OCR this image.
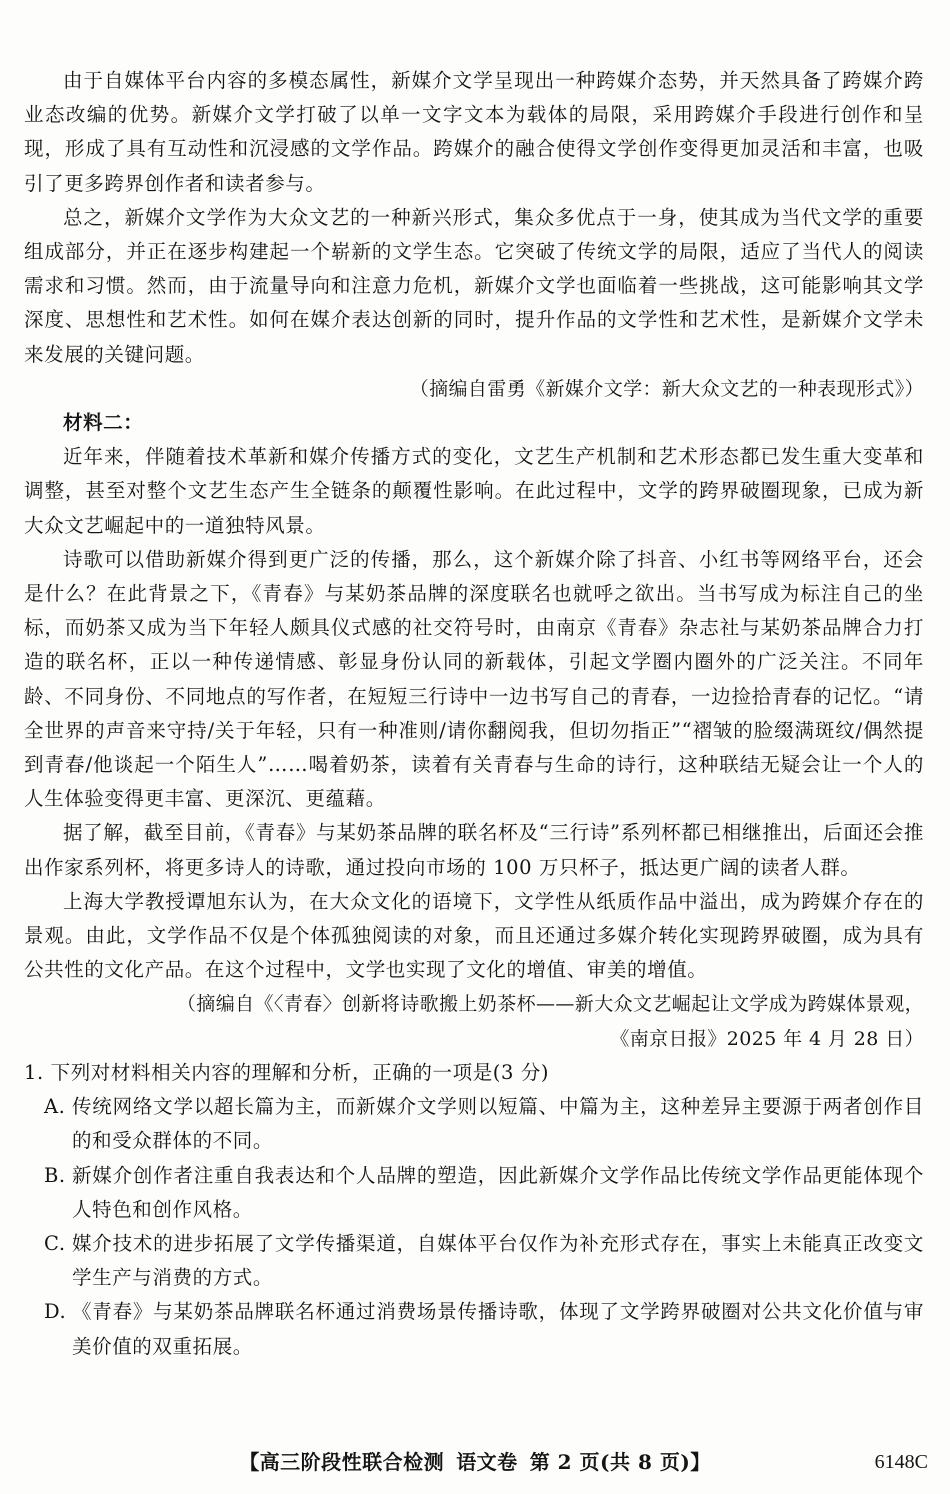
由于自媒体平台内容的多模态属性，新媒介文学呈现出一种跨媒介态势，并天然具备了跨媒介跨业态改编的优势。新媒介文学打破了以单一文字文本为载体的局限，采用跨媒介手段进行创作和呈现，形成了具有互动性和沉浸感的文学作品。跨媒介的融合使得文学创作变得更加灵活和丰富，也吸引了更多跨界创作者和读者参与。

总之，新媒介文学作为大众文艺的一种新兴形式，集众多优点于一身，使其成为当代文学的重要组成部分，并正在逐步构建起一个崭新的文学生态。它突破了传统文学的局限，适应了当代人的阅读需求和习惯。然而，由于流量导向和注意力危机，新媒介文学也面临着一些挑战，这可能影响其文学深度、思想性和艺术性。如何在媒介表达创新的同时，提升作品的文学性和艺术性，是新媒介文学未来发展的关键问题。

（摘编自雷勇《新媒介文学：新大众文艺的一种表现形式》）

材料二：

近年来，伴随着技术革新和媒介传播方式的变化，文艺生产机制和艺术形态都已发生重大变革和调整，甚至对整个文艺生态产生全链条的颠覆性影响。在此过程中，文学的跨界破圈现象，已成为新大众文艺崛起中的一道独特风景。

诗歌可以借助新媒介得到更广泛的传播，那么，这个新媒介除了抖音、小红书等网络平台，还会是什么？在此背景之下，《青春》与某奶茶品牌的深度联名也就呼之欲出。当书写成为标注自己的坐标，而奶茶又成为当下年轻人颇具仪式感的社交符号时，由南京《青春》杂志社与某奶茶品牌合力打造的联名杯，正以一种传递情感、彰显身份认同的新载体，引起文学圈内圈外的广泛关注。不同年龄、不同身份、不同地点的写作者，在短短三行诗中一边书写自己的青春，一边捡拾青春的记忆。“请全世界的声音来守持/关于年轻，只有一种准则/请你翻阅我，但切勿指正”“褶皱的脸缀满斑纹/偶然提到青春/他谈起一个陌生人”……喝着奶茶，读着有关青春与生命的诗行，这种联结无疑会让一个人的人生体验变得更丰富、更深沉、更蕴藉。

据了解，截至目前，《青春》与某奶茶品牌的联名杯及“三行诗”系列杯都已相继推出，后面还会推出作家系列杯，将更多诗人的诗歌，通过投向市场的 100 万只杯子，抵达更广阔的读者人群。

上海大学教授谭旭东认为，在大众文化的语境下，文学性从纸质作品中溢出，成为跨媒介存在的景观。由此，文学作品不仅是个体孤独阅读的对象，而且还通过多媒介转化实现跨界破圈，成为具有公共性的文化产品。在这个过程中，文学也实现了文化的增值、审美的增值。

（摘编自《〈青春〉创新将诗歌搬上奶茶杯——新大众文艺崛起让文学成为跨媒体景观，

《南京日报》2025 年 4 月 28 日）

1. 下列对材料相关内容的理解和分析，正确的一项是(3 分)

A. 传统网络文学以超长篇为主，而新媒介文学则以短篇、中篇为主，这种差异主要源于两者创作目的和受众群体的不同。
B. 新媒介创作者注重自我表达和个人品牌的塑造，因此新媒介文学作品比传统文学作品更能体现个人特色和创作风格。
C. 媒介技术的进步拓展了文学传播渠道，自媒体平台仅作为补充形式存在，事实上未能真正改变文学生产与消费的方式。
D. 《青春》与某奶茶品牌联名杯通过消费场景传播诗歌，体现了文学跨界破圈对公共文化价值与审美价值的双重拓展。
【高三阶段性联合检测 语文卷 第 2 页(共 8 页)】	6148C
